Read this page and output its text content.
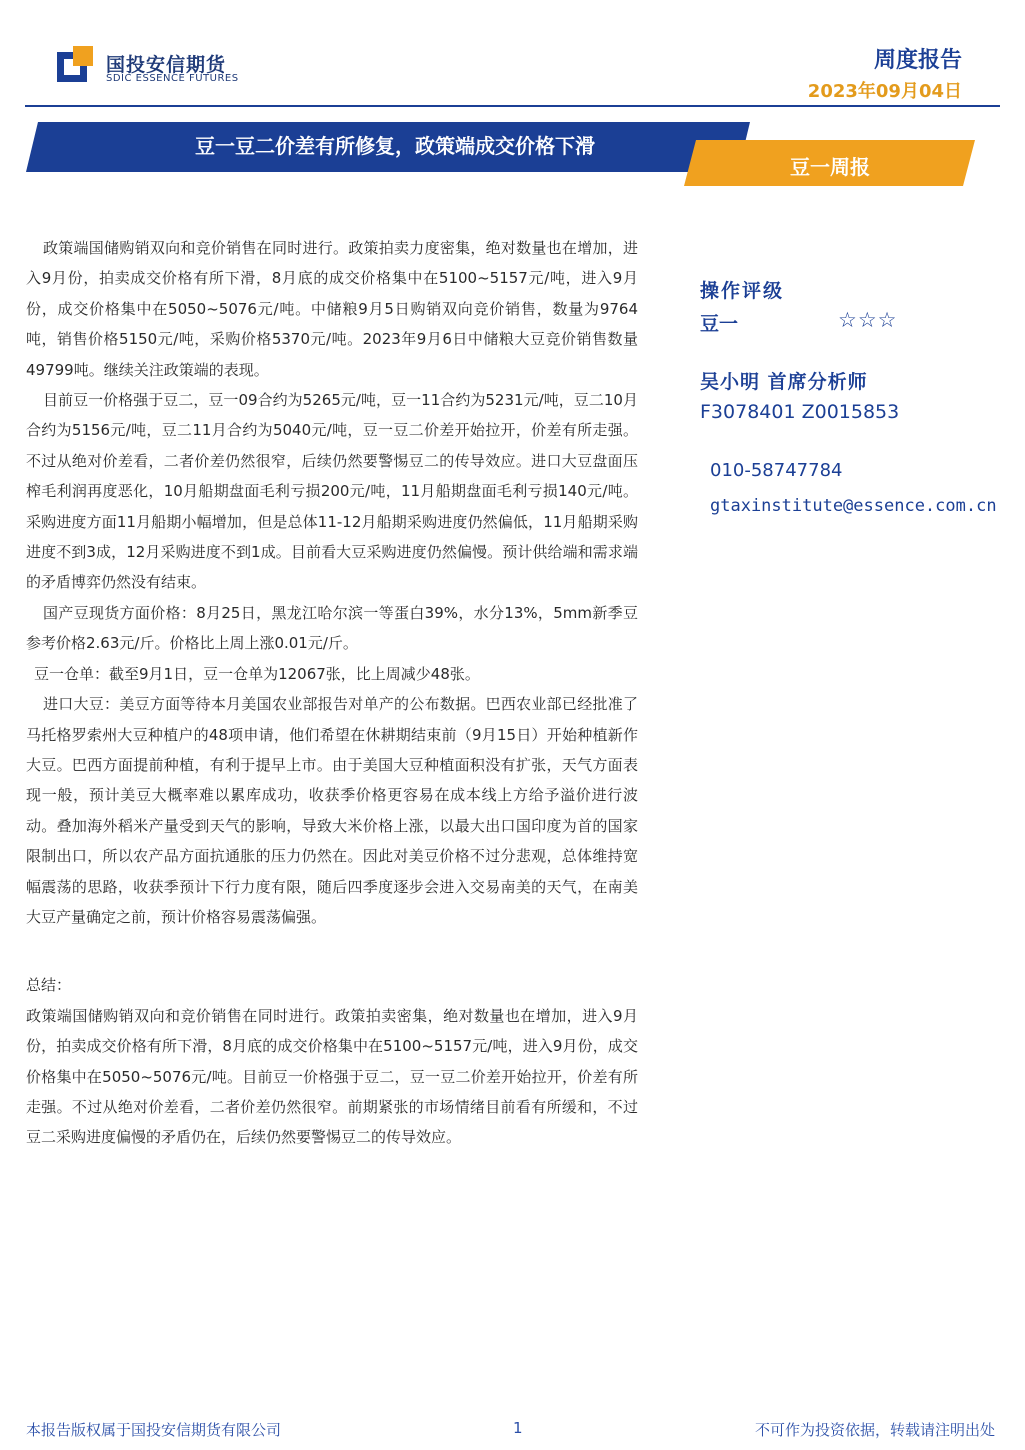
国投安信期货
SDIC ESSENCE FUTURES
周度报告
2023年09月04日
豆一豆二价差有所修复，政策端成交价格下滑
豆一周报

政策端国储购销双向和竞价销售在同时进行。政策拍卖力度密集，绝对数量也在增加，进入9月份，拍卖成交价格有所下滑，8月底的成交价格集中在5100~5157元/吨，进入9月份，成交价格集中在5050~5076元/吨。中储粮9月5日购销双向竞价销售，数量为9764吨，销售价格5150元/吨，采购价格5370元/吨。2023年9月6日中储粮大豆竞价销售数量49799吨。继续关注政策端的表现。

目前豆一价格强于豆二，豆一09合约为5265元/吨，豆一11合约为5231元/吨，豆二10月合约为5156元/吨，豆二11月合约为5040元/吨，豆一豆二价差开始拉开，价差有所走强。不过从绝对价差看，二者价差仍然很窄，后续仍然要警惕豆二的传导效应。进口大豆盘面压榨毛利润再度恶化，10月船期盘面毛利亏损200元/吨，11月船期盘面毛利亏损140元/吨。采购进度方面11月船期小幅增加，但是总体11-12月船期采购进度仍然偏低，11月船期采购进度不到3成，12月采购进度不到1成。目前看大豆采购进度仍然偏慢。预计供给端和需求端的矛盾博弈仍然没有结束。

国产豆现货方面价格：8月25日，黑龙江哈尔滨一等蛋白39%，水分13%，5mm新季豆参考价格2.63元/斤。价格比上周上涨0.01元/斤。

豆一仓单：截至9月1日，豆一仓单为12067张，比上周减少48张。

进口大豆：美豆方面等待本月美国农业部报告对单产的公布数据。巴西农业部已经批准了马托格罗索州大豆种植户的48项申请，他们希望在休耕期结束前（9月15日）开始种植新作大豆。巴西方面提前种植，有利于提早上市。由于美国大豆种植面积没有扩张，天气方面表现一般，预计美豆大概率难以累库成功，收获季价格更容易在成本线上方给予溢价进行波动。叠加海外稻米产量受到天气的影响，导致大米价格上涨，以最大出口国印度为首的国家限制出口，所以农产品方面抗通胀的压力仍然在。因此对美豆价格不过分悲观，总体维持宽幅震荡的思路，收获季预计下行力度有限，随后四季度逐步会进入交易南美的天气，在南美大豆产量确定之前，预计价格容易震荡偏强。

总结：

政策端国储购销双向和竞价销售在同时进行。政策拍卖密集，绝对数量也在增加，进入9月份，拍卖成交价格有所下滑，8月底的成交价格集中在5100~5157元/吨，进入9月份，成交价格集中在5050~5076元/吨。目前豆一价格强于豆二，豆一豆二价差开始拉开，价差有所走强。不过从绝对价差看，二者价差仍然很窄。前期紧张的市场情绪目前看有所缓和，不过豆二采购进度偏慢的矛盾仍在，后续仍然要警惕豆二的传导效应。

操作评级
豆一	☆☆☆
吴小明 首席分析师
F3078401 Z0015853
010-58747784
gtaxinstitute@essence.com.cn
本报告版权属于国投安信期货有限公司	1	不可作为投资依据，转载请注明出处
